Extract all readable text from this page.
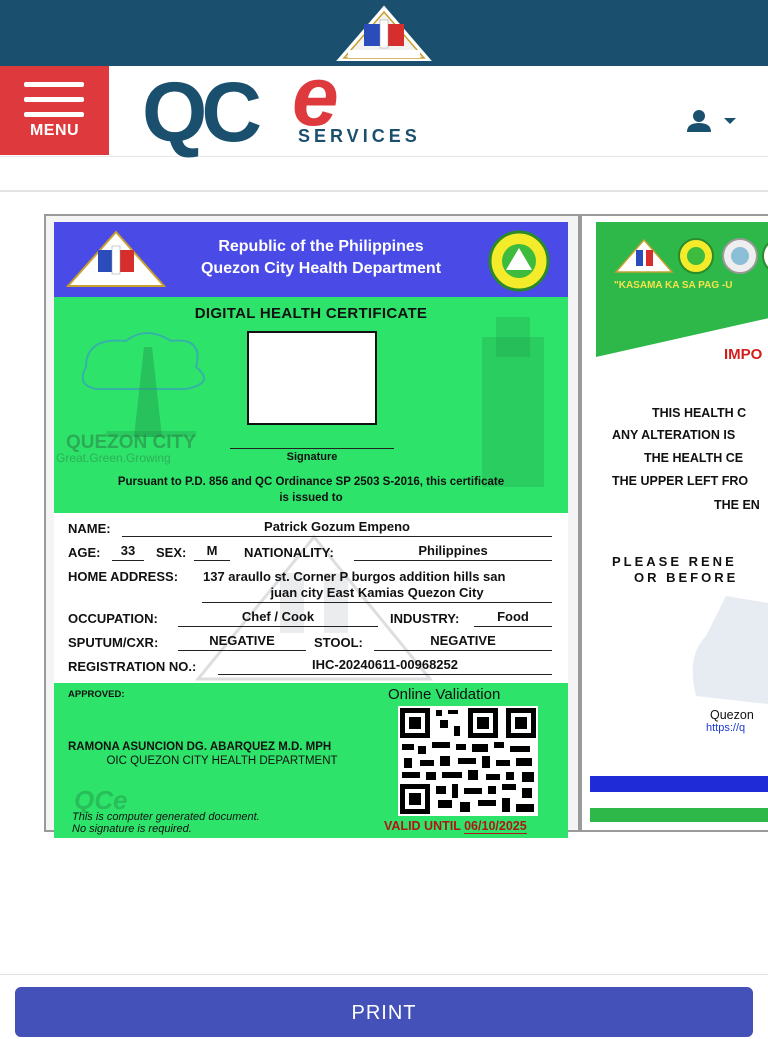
MENU QC e
SERVICES
Republic of the Philippines
Quezon City Health Department
DIGITAL HEALTH CERTIFICATE
QUEZON CITY
Great.Green.Growing	Signature
Pursuant to P.D. 856 and QC Ordinance SP 2503 S-2016, this certificate is issued to
NAME:	Patrick Gozum Empeno
AGE:	33	SEX:	M	NATIONALITY:	Philippines
HOME ADDRESS: 137 araullo st. Corner P burgos addition hills san
juan city East Kamias Quezon City
OCCUPATION:	Chef / Cook	INDUSTRY:	Food
SPUTUM/CXR:	NEGATIVE	STOOL:	NEGATIVE
REGISTRATION NO.:	IHC-20240611-00968252
APPROVED:
RAMONA ASUNCION DG. ABARQUEZ M.D. MPH
OIC QUEZON CITY HEALTH DEPARTMENT
QCe
This is computer generated document.
No signature is required.
Online Validation
VALID UNTIL 06/10/2025
"KASAMA KA SA PAG -U
IMPO
THIS HEALTH C
ANY ALTERATION IS
THE HEALTH CE
THE UPPER LEFT FRO
THE EN
PLEASE RENE
OR BEFORE
Quezon
https://q
PRINT
